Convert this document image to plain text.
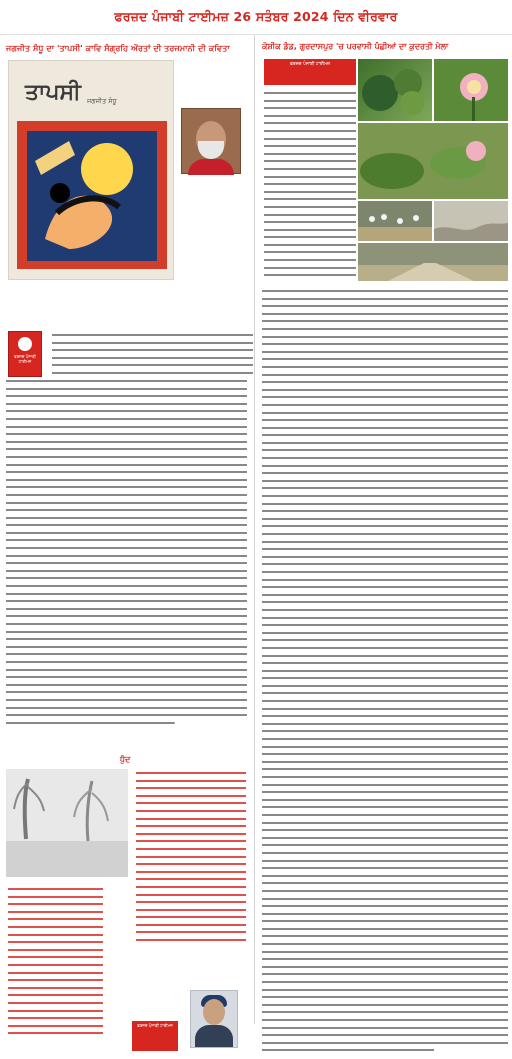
ਫਰਜ਼ਦ ਪੰਜਾਬੀ ਟਾਈਮਜ਼ 26 ਸਤੰਬਰ 2024 ਦਿਨ ਵੀਰਵਾਰ
ਜਗਜੀਤ ਸੰਧੂ ਦਾ 'ਤਾਪਸੀ' ਕਾਵਿ ਸੰਗ੍ਰਹਿ ਔਰਤਾਂ ਦੀ ਤਰਜਮਾਨੀ ਦੀ ਕਵਿਤਾ
ਤਾਪਸੀ ਜਗਜੀਤ ਸੰਧੂ
ਫਰਜ਼ਦ ਪੰਜਾਬੀ ਟਾਈਮਜ਼
ਧੁੰਦ
ਫਰਜ਼ਦ ਪੰਜਾਬੀ ਟਾਈਮਜ਼
ਕੋਸ਼ੀਕ ਡੰਡ, ਗੁਰਦਾਸਪੁਰ 'ਚ ਪਰਵਾਸੀ ਪੰਛੀਆਂ ਦਾ ਕੁਦਰਤੀ ਮੇਲਾ
ਫਰਜ਼ਦ ਪੰਜਾਬੀ ਟਾਈਮਜ਼
